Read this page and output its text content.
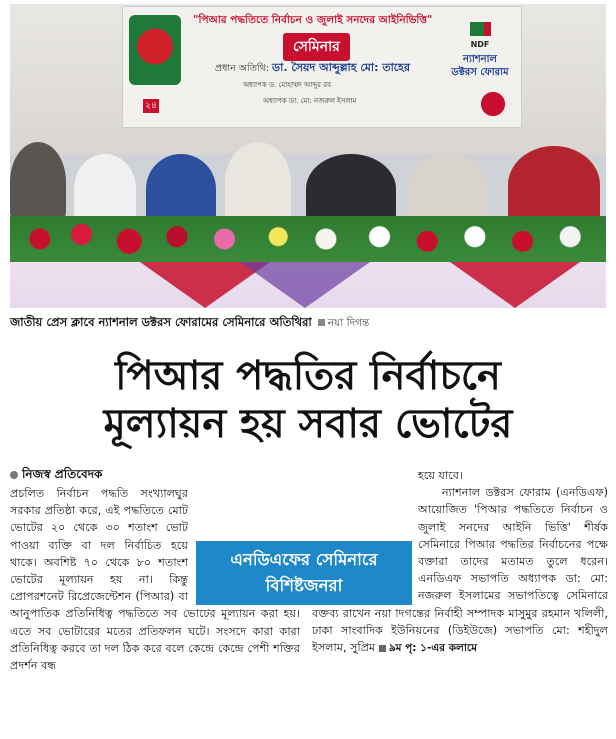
২৪
"পিআর পদ্ধতিতে নির্বাচন ও জুলাই সনদের আইনিভিত্তি"
সেমিনার
প্রধান অতিথি: ডা. সৈয়দ আব্দুল্লাহ মো: তাহের
অধ্যাপক ড. মোহাম্মদ আব্দুর রব
অধ্যাপক ডা. মো: নজরুল ইসলাম
NDF
ন্যাশনাল ডক্টরস ফোরাম
জাতীয় প্রেস ক্লাবে ন্যাশনাল ডক্টরস ফোরামের সেমিনারে অতিথিরা নয়া দিগন্ত
পিআর পদ্ধতির নির্বাচনে
মূল্যায়ন হয় সবার ভোটের
নিজস্ব প্রতিবেদক

প্রচলিত নির্বাচন পদ্ধতি সংখ্যালঘুর সরকার প্রতিষ্ঠা করে, এই পদ্ধতিতে মোট ভোটের ২০ থেকে ৩০ শতাংশ ভোট পাওয়া ব্যক্তি বা দল নির্বাচিত হয়ে থাকে। অবশিষ্ট ৭০ থেকে ৮০ শতাংশ ভোটের মূল্যায়ন হয় না। কিন্তু প্রোপরশনেট রিপ্রেজেন্টেশন (পিআর) বা আনুপাতিক প্রতিনিধিত্ব পদ্ধতিতে সব ভোটের মূল্যায়ন করা হয়। এতে সব ভোটারের মতের প্রতিফলন ঘটে। সংসদে কারা কারা প্রতিনিধিত্ব করবে তা দল ঠিক করে বলে কেন্দ্রে কেন্দ্রে পেশী শক্তির প্রদর্শন বন্ধ

হয়ে যাবে।

ন্যাশনাল ডক্টরস ফোরাম (এনডিএফ) আয়োজিত 'পিআর পদ্ধতিতে নির্বাচন ও জুলাই সনদের আইনি ভিত্তি' শীর্ষক সেমিনারে পিআর পদ্ধতির নির্বাচনের পক্ষে বক্তারা তাদের মতামত তুলে ধরেন। এনডিএফ সভাপতি অধ্যাপক ডা: মো: নজরুল ইসলামের সভাপতিত্বে সেমিনারে বক্তব্য রাখেন নয়া দিগন্তের নির্বাহী সম্পাদক মাসুমুর রহমান খলিলী, ঢাকা সাংবাদিক ইউনিয়নের (ডিইউজে) সভাপতি মো: শহীদুল ইসলাম, সুপ্রিম ৯ম পৃ: ১-এর কলামে

এনডিএফের সেমিনারে
বিশিষ্টজনরা
